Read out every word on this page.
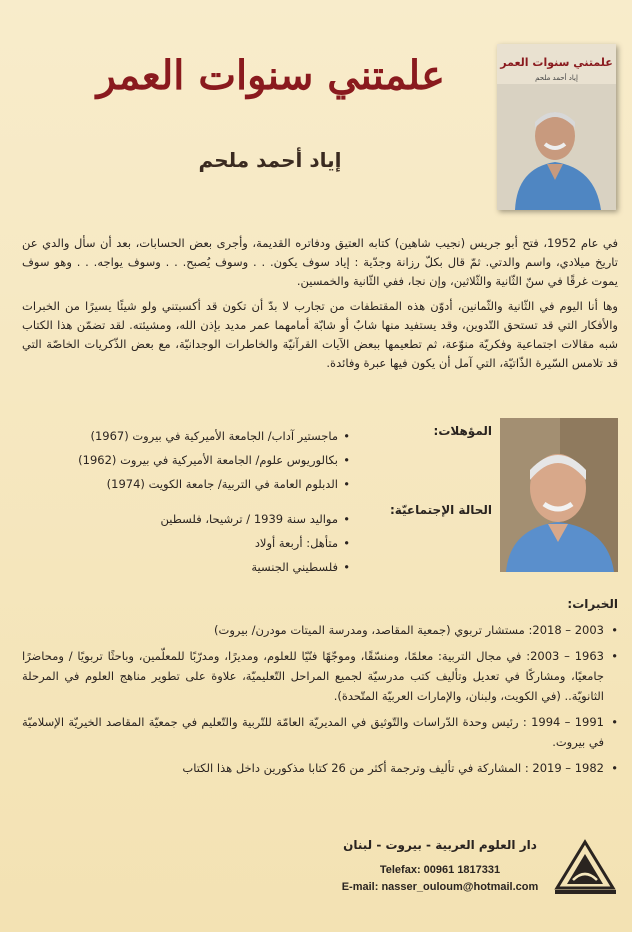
علمتني سنوات العمر
إياد أحمد ملحم
علمتني سنوات العمر
إياد أحمد ملحم
في عام 1952، فتح أبو جريس (نجيب شاهين) كتابه العتيق ودفاتره القديمة، وأجرى بعض الحسابات، بعد أن سأل والدي عن تاريخ ميلادي، واسم والدتي. ثمّ قال بكلّ رزانة وجدّية : إياد سوف يكون. . . وسوف يُصبح. . . وسوف يواجه. . . وهو سوف يموت غرقًا في سنّ الثّانية والثّلاثين، وإن نجا، ففي الثّانية والخمسين.
وها أنا اليوم في الثّانية والثّمانين، أدوّن هذه المقتطفات من تجارب لا بدّ أن تكون قد أكسبتني ولو شيئًا يسيرًا من الخبرات والأفكار التي قد تستحق التّدوين، وقد يستفيد منها شابٌ أو شابّة أمامهما عمر مديد بإذن الله، ومشيئته. لقد تضمّن هذا الكتاب شبه مقالات اجتماعية وفكريّة منوّعة، ثم تطعيمها ببعض الآيات القرآنيّة والخاطرات الوجدانيّة، مع بعض الذّكريات الخاصّة التي قد تلامس السّيرة الذّاتيّة، التي آمل أن يكون فيها عبرة وفائدة.
المؤهلات:
• ماجستير آداب/ الجامعة الأميركية في بيروت (1967)
• بكالوريوس علوم/ الجامعة الأميركية في بيروت (1962)
• الدبلوم العامة في التربية/ جامعة الكويت (1974)
الحالة الإجتماعيّة:
• مواليد سنة 1939 / ترشيحا، فلسطين
• متأهل: أربعة أولاد
• فلسطيني الجنسية
الخبرات:
• 2003 – 2018: مستشار تربوي (جمعية المقاصد، ومدرسة الميتات مودرن/ بيروت)
• 1963 – 2003: في مجال التربية: معلمًا، ومنسّقًا، وموجّهًا فنّيًا للعلوم، ومديرًا، ومدرّبًا للمعلّمين، وباحثًا تربويًا / ومحاضرًا جامعيًا، ومشاركًا في تعديل وتأليف كتب مدرسيّة لجميع المراحل التّعليميّة، علاوة على تطوير مناهج العلوم في المرحلة الثانويّة.. (في الكويت، ولبنان، والإمارات العربيّة المتّحدة).
• 1991 – 1994 : رئيس وحدة الدّراسات والتّوثيق في المديريّة العامّة للتّربية والتّعليم في جمعيّة المقاصد الخيريّة الإسلاميّة في بيروت.
• 1982 – 2019 : المشاركة في تأليف وترجمة أكثر من 26 كتابا مذكورين داخل هذا الكتاب
دار العلوم العربية - بيروت - لبنان
Telefax: 00961 1817331
E-mail: nasser_ouloum@hotmail.com
